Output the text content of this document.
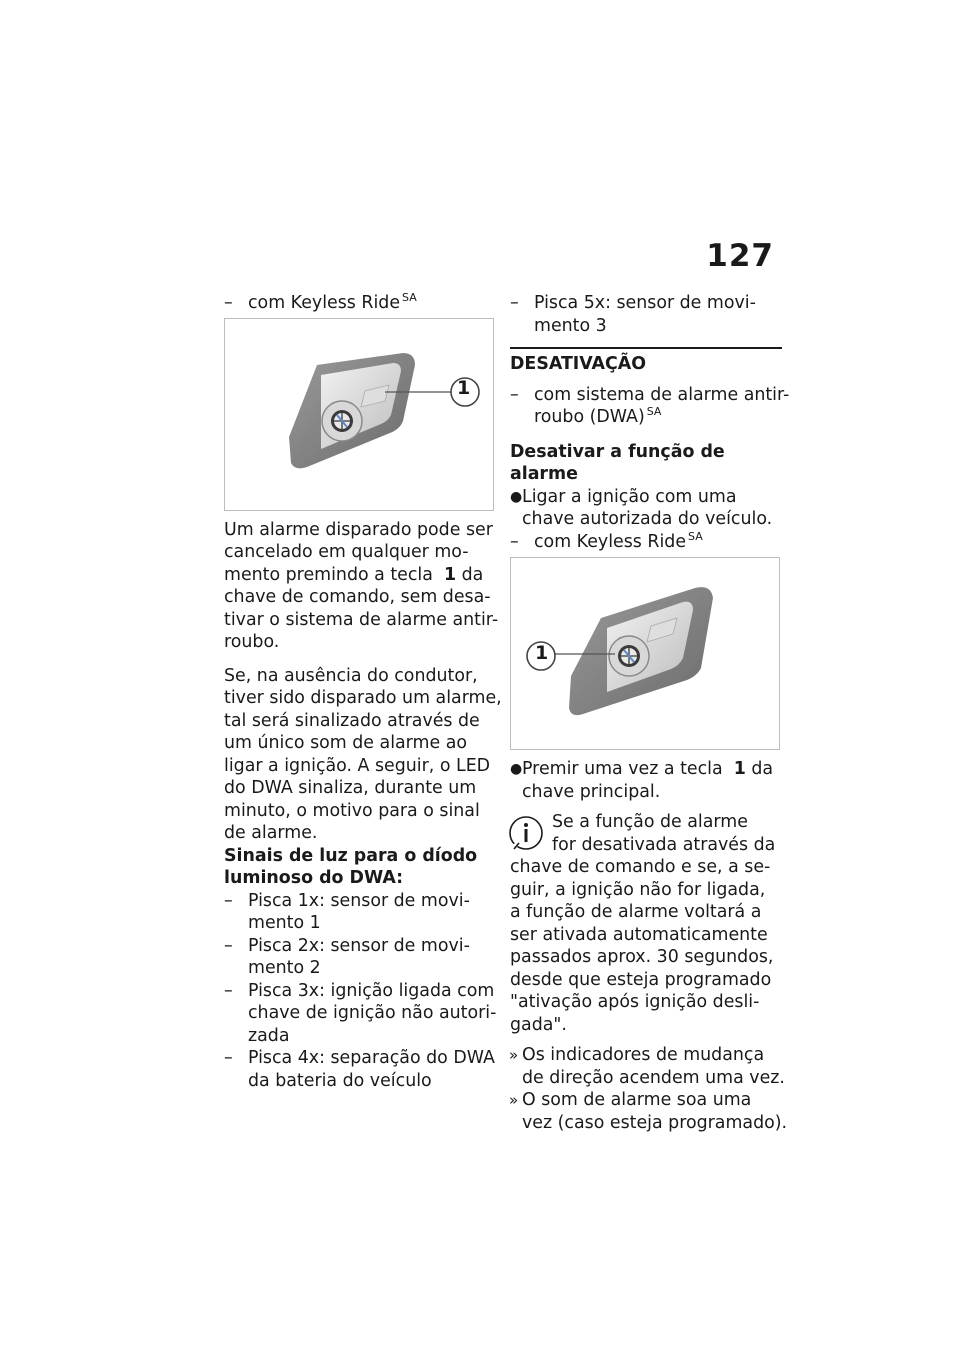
127
– com Keyless Ride $^{SA}$
1
Um alarme disparado pode ser
cancelado em qualquer mo-
mento premindo a tecla 1 da
chave de comando, sem desa-
tivar o sistema de alarme antir-
roubo.
Se, na ausência do condutor,
tiver sido disparado um alarme,
tal será sinalizado através de
um único som de alarme ao
ligar a ignição. A seguir, o LED
do DWA sinaliza, durante um
minuto, o motivo para o sinal
de alarme.
Sinais de luz para o díodo
luminoso do DWA:
– Pisca 1x: sensor de movi-
mento 1
– Pisca 2x: sensor de movi-
mento 2
– Pisca 3x: ignição ligada com
chave de ignição não autori-
zada
– Pisca 4x: separação do DWA
da bateria do veículo
– Pisca 5x: sensor de movi-
mento 3
DESATIVAÇÃO
– com sistema de alarme antir-
roubo (DWA) $^{SA}$
Desativar a função de alarme
● Ligar a ignição com uma
chave autorizada do veículo.
– com Keyless Ride $^{SA}$
1
● Premir uma vez a tecla 1 da
chave principal.
Se a função de alarme
for desativada através da
chave de comando e se, a se-
guir, a ignição não for ligada,
a função de alarme voltará a
ser ativada automaticamente
passados aprox. 30 segundos,
desde que esteja programado
"ativação após ignição desli-
gada".
» Os indicadores de mudança
de direção acendem uma vez.
» O som de alarme soa uma
vez (caso esteja programado).
